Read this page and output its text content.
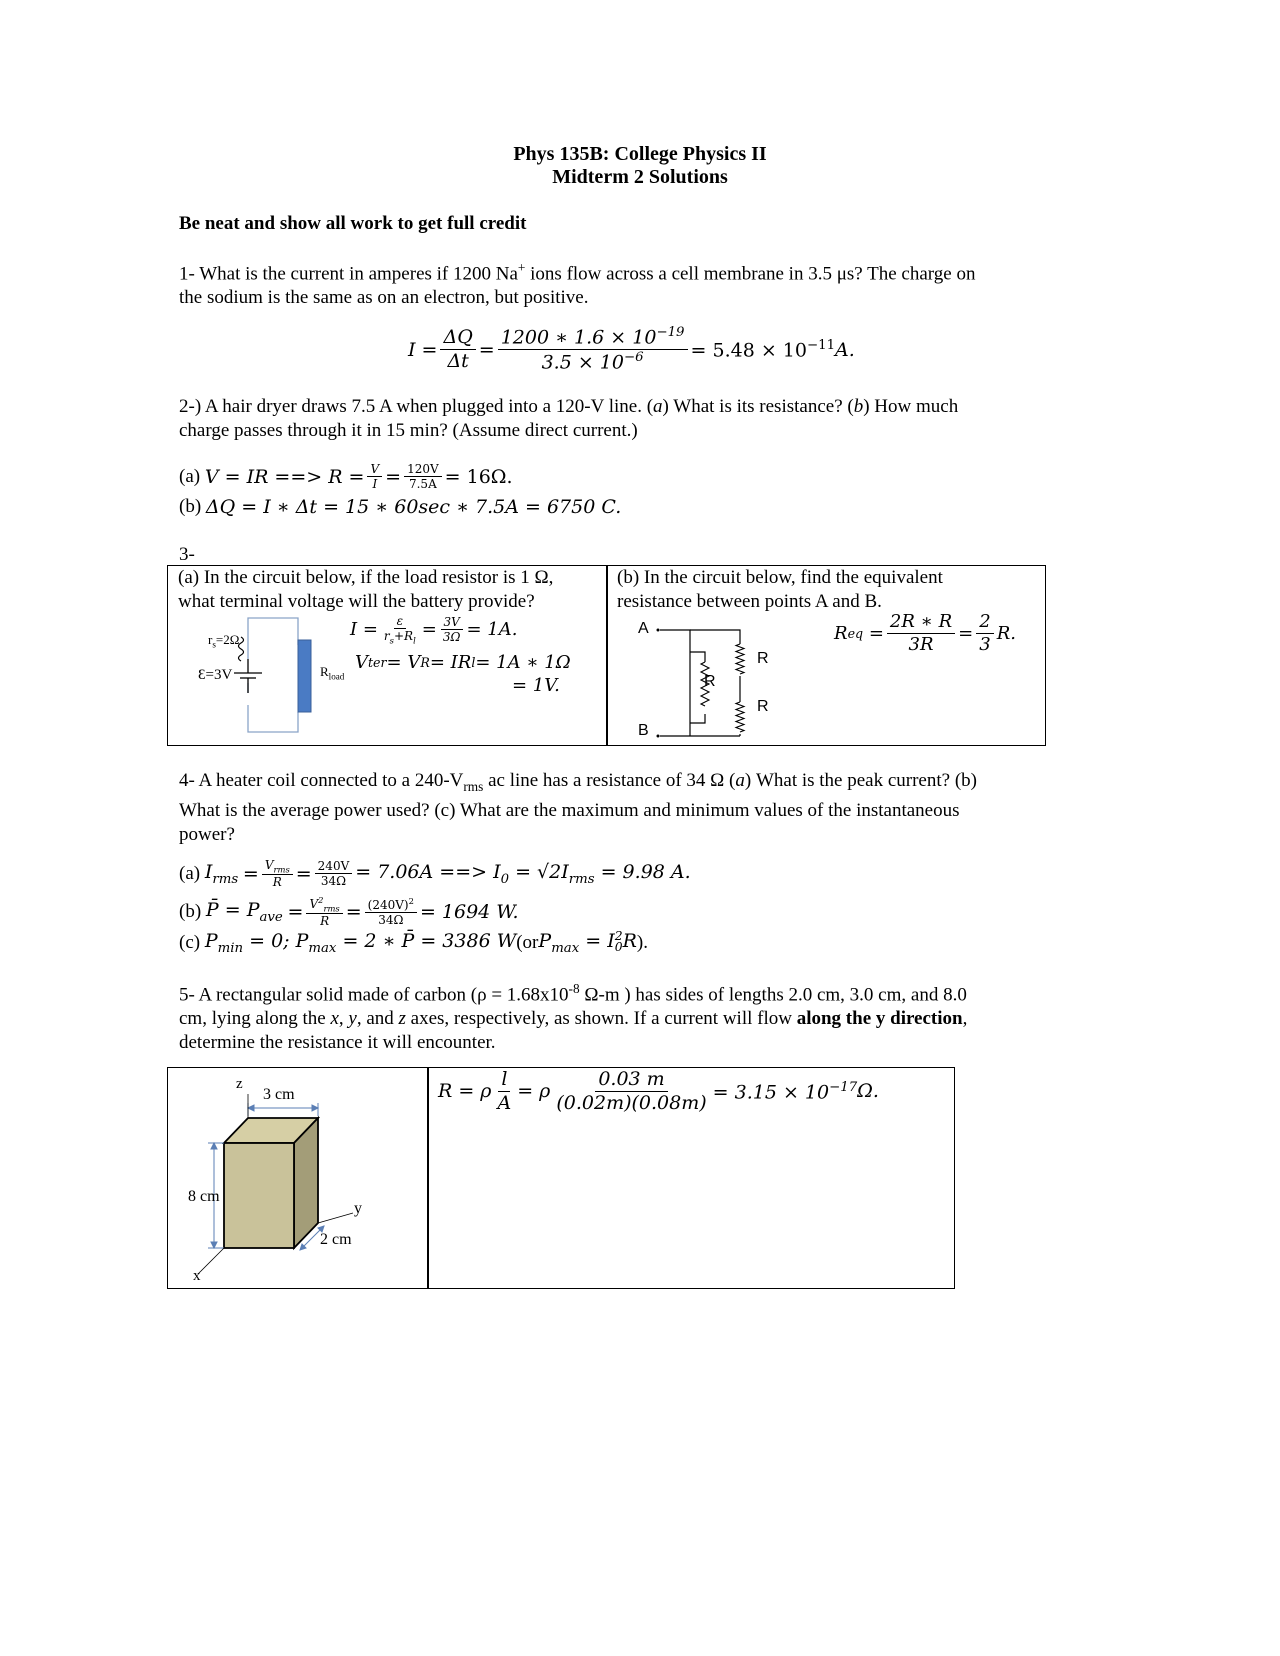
Phys 135B: College Physics II
Midterm 2 Solutions
Be neat and show all work to get full credit
1- What is the current in amperes if 1200 Na+ ions flow across a cell membrane in 3.5 μs? The charge on
the sodium is the same as on an electron, but positive.
$I = \frac{\Delta Q}{\Delta t} = \frac{1200 ∗ 1.6 \times 10^{-19}}{3.5 \times 10^{-6}} = 5.48 \times 10^{-11}$ A.
2-) A hair dryer draws 7.5 A when plugged into a 120-V line. (a) What is its resistance? (b) How much
charge passes through it in 15 min? (Assume direct current.)
(a)
V = IR ==> $R = \frac{V}{I} = \frac{120V}{7.5A} = 16\Omega$.
(b)
ΔQ = I ∗ Δt = 15 ∗ 60sec ∗ 7.5A = 6750 C.
3-
(a) In the circuit below, if the load resistor is 1 Ω,
what terminal voltage will the battery provide?
$r_s=2\Omega$
Ɛ=3V	$R_{load}$
$I = \frac{\varepsilon}{r_s+R_l} = \frac{3V}{3\Omega} = 1A$.
V ter = V R = IR l = 1A ∗ 1Ω
= 1V.
(b) In the circuit below, find the equivalent
resistance between points A and B.
A
B
R
R
R
R eq
= $\frac{2R ∗ R}{3R} = \frac{2}{3} R$.
4- A heater coil connected to a $240-V_{rms}$ ac line has a resistance of 34 Ω (a) What is the peak current? (b)
What is the average power used? (c) What are the maximum and minimum values of the instantaneous
power?
(a)
$I_{rms}$
= $\frac{V_{rms}}{R} = \frac{240V}{34\Omega} = 7.06A$ ==> $I_0 = √2I_{rms} = 9.98$ A.
(b)
P̄ = $P_{ave}$
= $\frac{V^2_{rms}}{R} = \frac{(240V)^2}{34\Omega} = 1694$ W.
(c)
$P_{min} = 0$; $P_{max} = 2$ ∗ P̄ = 3386 W (or $P_{max} = I$ 2
0 R ).
5- A rectangular solid made of carbon ($\rho = 1.68x10^{-8}$ Ω-m ) has sides of lengths 2.0 cm, 3.0 cm, and 8.0
cm, lying along the x, y, and z axes, respectively, as shown. If a current will flow along the y direction,
determine the resistance it will encounter.
z
3 cm
8 cm
y
2 cm
x
R = ρ $\frac{l}{A} = \rho \frac{0.03 m}{(0.02m)(0.08m)} = 3.15 \times 10^{-17}$ Ω.
